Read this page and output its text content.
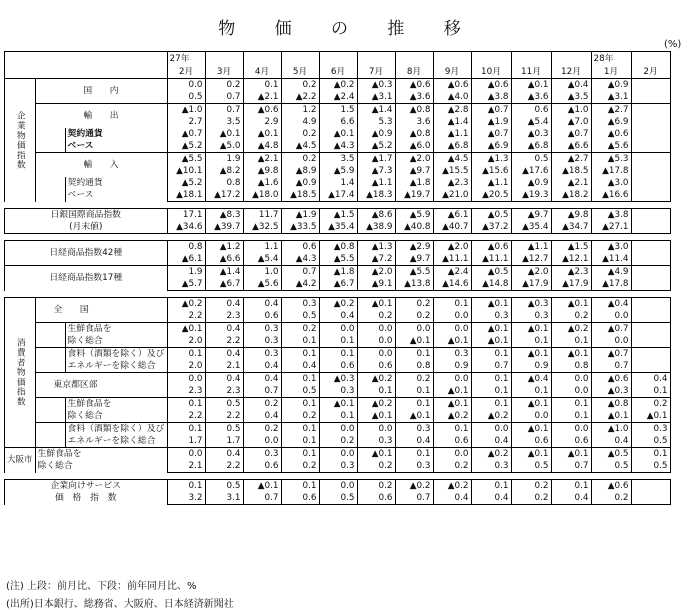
物 価 の 推 移
(%)
			27年											28年	
			2月	3月	4月	5月	6月	7月	8月	9月	10月	11月	12月	1月	2月
企業物価指数	国　　内		0.0	0.2	0.1	0.2	▲0.2	▲0.3	▲0.6	▲0.6	▲0.6	▲0.1	▲0.4	▲0.9	
			0.5	0.7	▲2.1	▲2.2	▲2.4	▲3.1	▲3.6	▲4.0	▲3.8	▲3.6	▲3.5	▲3.1	
	輸　　出		▲1.0	0.7	▲0.6	1.2	1.5	▲1.4	▲0.8	▲2.8	▲0.7	0.6	▲1.0	▲2.7	
			2.7	3.5	2.9	4.9	6.6	5.3	3.6	▲1.4	▲1.9	▲5.4	▲7.0	▲6.9	
		契約通貨
ベース	▲0.7	▲0.1	▲0.1	0.2	▲0.1	▲0.9	▲0.8	▲1.1	▲0.7	▲0.3	▲0.7	▲0.6	
			▲5.2	▲5.0	▲4.8	▲4.5	▲4.3	▲5.2	▲6.0	▲6.8	▲6.9	▲6.8	▲6.6	▲5.6	
	輸　　入		▲5.5	1.9	▲2.1	0.2	3.5	▲1.7	▲2.0	▲4.5	▲1.3	0.5	▲2.7	▲5.3	
			▲10.1	▲8.2	▲9.8	▲8.9	▲5.9	▲7.3	▲9.7	▲15.5	▲15.6	▲17.6	▲18.5	▲17.8	
		契約通貨
ベース	▲5.2	0.8	▲1.6	▲0.9	1.4	▲1.1	▲1.8	▲2.3	▲1.1	▲0.9	▲2.1	▲3.0	
			▲18.1	▲17.2	▲18.0	▲18.5	▲17.4	▲18.3	▲19.7	▲21.0	▲20.5	▲19.3	▲18.2	▲16.6	

日銀国際商品指数			17.1	▲8.3	11.7	▲1.9	▲1.5	▲8.6	▲5.9	▲6.1	▲0.5	▲9.7	▲9.8	▲3.8	
(月末値)			▲34.6	▲39.7	▲32.5	▲33.5	▲35.4	▲38.9	▲40.8	▲40.7	▲37.2	▲35.4	▲34.7	▲27.1	

日経商品指数42種			0.8	▲1.2	1.1	0.6	▲0.8	▲1.3	▲2.9	▲2.0	▲0.6	▲1.1	▲1.5	▲3.0	
			▲6.1	▲6.6	▲5.4	▲4.3	▲5.5	▲7.2	▲9.7	▲11.1	▲11.1	▲12.7	▲12.1	▲11.4	
日経商品指数17種			1.9	▲1.4	1.0	0.7	▲1.8	▲2.0	▲5.5	▲2.4	▲0.5	▲2.0	▲2.3	▲4.9	
			▲5.7	▲6.7	▲5.6	▲4.2	▲6.7	▲9.1	▲13.8	▲14.6	▲14.8	▲17.9	▲17.9	▲17.8	

消費者物価指数	全　　国		▲0.2	0.4	0.4	0.3	▲0.2	▲0.1	0.2	0.1	▲0.1	▲0.3	▲0.1	▲0.4	
			2.2	2.3	0.6	0.5	0.4	0.2	0.2	0.0	0.3	0.3	0.2	0.0	
		生鮮食品を
除く総合	▲0.1	0.4	0.3	0.2	0.0	0.0	0.0	0.0	▲0.1	▲0.1	▲0.2	▲0.7	
			2.0	2.2	0.3	0.1	0.1	0.0	▲0.1	▲0.1	▲0.1	0.1	0.1	0.0	
		食料（酒類を除く）及び
エネルギーを除く総合	0.1	0.4	0.3	0.1	0.1	0.0	0.1	0.3	0.1	▲0.1	▲0.1	▲0.7	
			2.0	2.1	0.4	0.4	0.6	0.6	0.8	0.9	0.7	0.9	0.8	0.7	
	東京都区部		0.0	0.4	0.4	0.1	▲0.3	▲0.2	0.2	0.0	0.1	▲0.4	0.0	▲0.6	0.4
			2.3	2.3	0.7	0.5	0.3	0.1	0.1	▲0.1	0.1	0.1	0.0	▲0.3	0.1
		生鮮食品を
除く総合	0.1	0.5	0.2	0.1	▲0.1	▲0.2	0.1	▲0.1	0.1	▲0.1	0.1	▲0.8	0.2
			2.2	2.2	0.4	0.2	0.1	▲0.1	▲0.1	▲0.2	▲0.2	0.0	0.1	▲0.1	▲0.1
		食料（酒類を除く）及び
エネルギーを除く総合	0.1	0.5	0.2	0.1	0.0	0.0	0.3	0.1	0.0	▲0.1	0.0	▲1.0	0.3
			1.7	1.7	0.0	0.1	0.2	0.3	0.4	0.6	0.4	0.6	0.6	0.4	0.5
大阪市	生鮮食品を
除く総合		0.0	0.4	0.3	0.1	0.0	▲0.1	0.1	0.0	▲0.2	▲0.1	▲0.1	▲0.5	0.1
			2.1	2.2	0.6	0.2	0.3	0.2	0.3	0.2	0.3	0.5	0.7	0.5	0.5

企業向けサービス
価　格　指　数			0.1	0.5	▲0.1	0.1	0.0	0.2	▲0.2	▲0.2	0.1	0.2	0.1	▲0.6	
			3.2	3.1	0.7	0.6	0.5	0.6	0.7	0.4	0.4	0.2	0.4	0.2	
(注) 上段：前月比、下段：前年同月比、%
(出所)日本銀行、総務省、大阪府、日本経済新聞社
